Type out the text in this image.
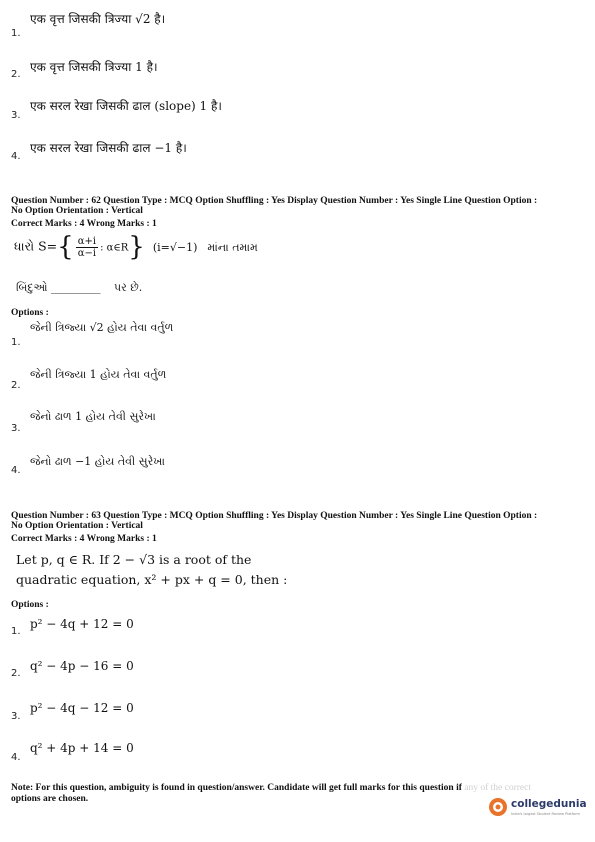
1.
एक वृत्त जिसकी त्रिज्या √2 है।
2.
एक वृत्त जिसकी त्रिज्या 1 है।
3.
एक सरल रेखा जिसकी ढाल (slope) 1 है।
4.
एक सरल रेखा जिसकी ढाल −1 है।
Question Number : 62 Question Type : MCQ Option Shuffling : Yes Display Question Number : Yes Single Line Question Option :
No Option Orientation : Vertical
Correct Marks : 4 Wrong Marks : 1
ધારો $S=\{ \frac{\alpha+i}{\alpha-i}$ : α∈R} (i=√−1) માંના તમામ
બિંદુઓ _________ પર છે.
Options :
1.
જેની ત્રિજ્યા √2 હોય તેવા વર્તુળ
2.
જેની ત્રિજ્યા 1 હોય તેવા વર્તુળ
3.
જેનો ઢાળ 1 હોય તેવી સુરેખા
4.
જેનો ઢાળ −1 હોય તેવી સુરેખા
Question Number : 63 Question Type : MCQ Option Shuffling : Yes Display Question Number : Yes Single Line Question Option :
No Option Orientation : Vertical
Correct Marks : 4 Wrong Marks : 1
Let p, q ∈ R. If 2 − √3 is a root of the
quadratic equation, x² + px + q = 0, then :
Options :
1.
p² − 4q + 12 = 0
2.
q² − 4p − 16 = 0
3.
p² − 4q − 12 = 0
4.
q² + 4p + 14 = 0
Note: For this question, ambiguity is found in question/answer. Candidate will get full marks for this question if any of the correct
options are chosen.	collegedunia
India's largest Student Review Platform
